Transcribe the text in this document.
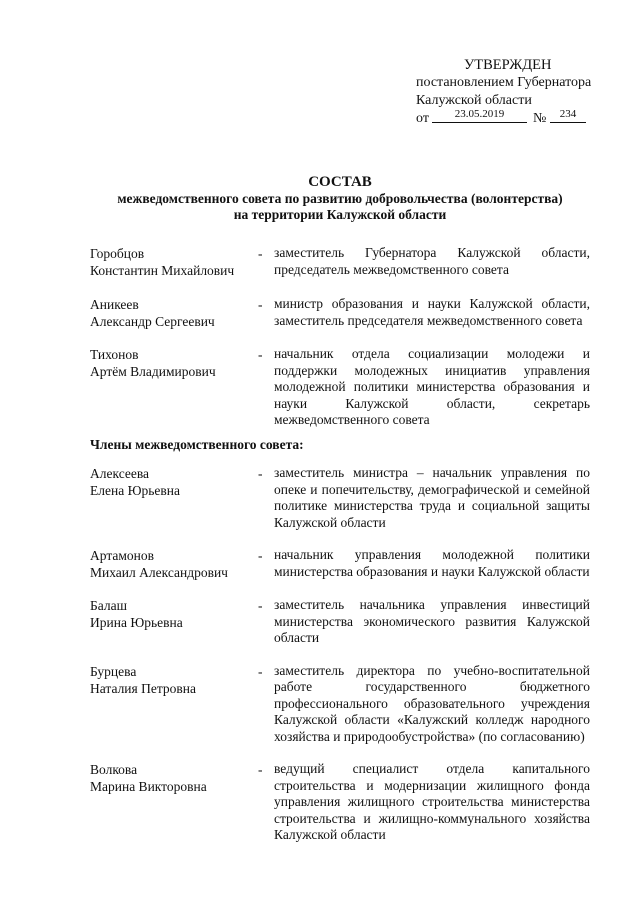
УТВЕРЖДЕН
постановлением Губернатора
Калужской области
от	23.05.2019	№	234
СОСТАВ
межведомственного совета по развитию добровольчества (волонтерства)
на территории Калужской области
Горобцов
Константин Михайлович
- заместитель Губернатора Калужской области, председатель межведомственного совета
Аникеев
Александр Сергеевич
- министр образования и науки Калужской области, заместитель председателя межведомственного совета
Тихонов
Артём Владимирович
- начальник отдела социализации молодежи и поддержки молодежных инициатив управления молодежной политики министерства образования и науки Калужской области, секретарь межведомственного совета
Члены межведомственного совета:
Алексеева
Елена Юрьевна
- заместитель министра – начальник управления по опеке и попечительству, демографической и семейной политике министерства труда и социальной защиты Калужской области
Артамонов
Михаил Александрович
- начальник управления молодежной политики министерства образования и науки Калужской области
Балаш
Ирина Юрьевна
- заместитель начальника управления инвестиций министерства экономического развития Калужской области
Бурцева
Наталия Петровна
- заместитель директора по учебно-воспитательной работе государственного бюджетного профессионального образовательного учреждения Калужской области «Калужский колледж народного хозяйства и природообустройства» (по согласованию)
Волкова
Марина Викторовна
- ведущий специалист отдела капитального строительства и модернизации жилищного фонда управления жилищного строительства министерства строительства и жилищно-коммунального хозяйства Калужской области
